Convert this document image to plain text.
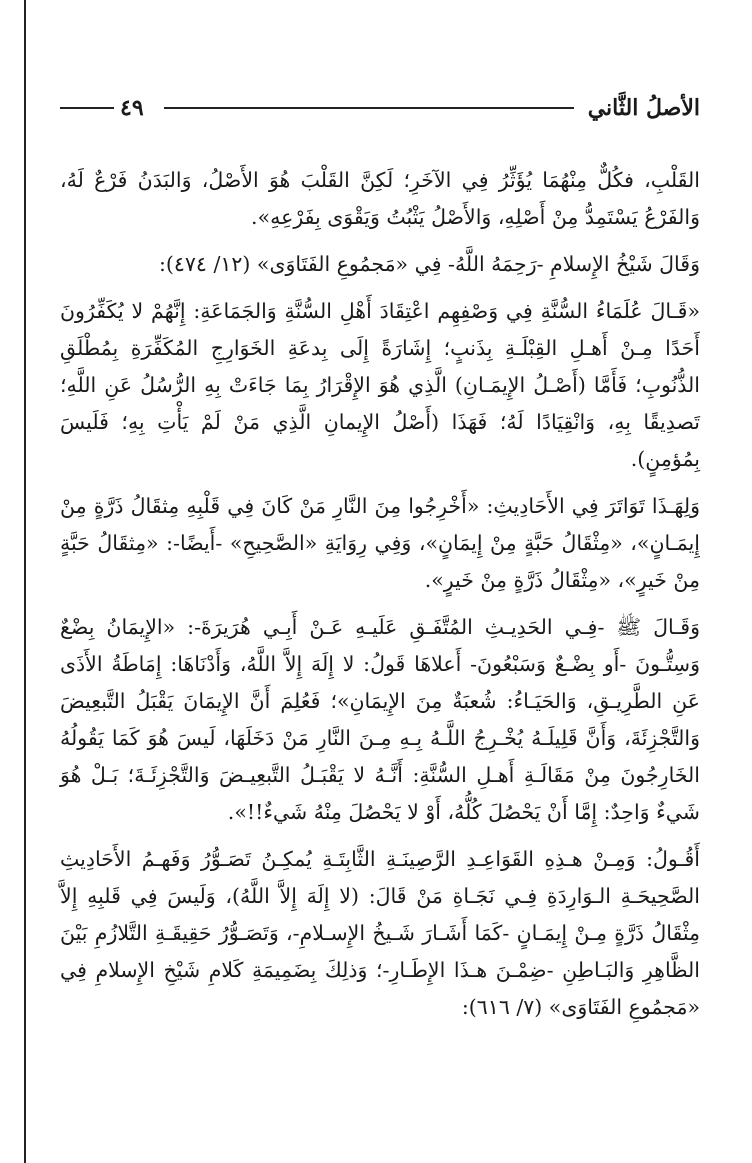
الأصلُ الثَّاني
٤٩

القَلْبِ، فكُلٌّ مِنْهُمَا يُؤَثِّرُ فِي الآخَرِ؛ لَكِنَّ القَلْبَ هُوَ الأَصْلُ، وَالبَدَنُ فَرْعٌ لَهُ، وَالفَرْعُ يَسْتَمِدُّ مِنْ أَصْلِهِ، وَالأَصْلُ يَثْبُتُ وَيَقْوَى بِفَرْعِهِ».

وَقَالَ شَيْخُ الإِسلامِ -رَحِمَهُ اللَّهُ- فِي «مَجمُوعِ الفَتَاوَى» (١٢/ ٤٧٤):

«قَـالَ عُلَمَاءُ السُّنَّةِ فِي وَصْفِهِم اعْتِقَادَ أَهْلِ السُّنَّةِ وَالجَمَاعَةِ: إِنَّهُمْ لا يُكَفِّرُونَ أَحَدًا مِـنْ أَهـلِ القِبْلَـةِ بِذَنبٍ؛ إِشَارَةً إِلَى بِدعَةِ الخَوَارِجِ المُكَفِّرَةِ بِمُطْلَقِ الذُّنُوبِ؛ فَأَمَّا (أَصْـلُ الإِيمَـانِ) الَّذِي هُوَ الإِقْرَارُ بِمَا جَاءَتْ بِهِ الرُّسُلُ عَنِ اللَّهِ؛ تَصدِيقًا بِهِ، وَانْقِيَادًا لَهُ؛ فَهَذَا (أَصْلُ الإِيمانِ الَّذِي مَنْ لَمْ يَأْتِ بِهِ؛ فَلَيسَ بِمُؤمِنٍ).

وَلِهَـذَا تَوَاتَرَ فِي الأَحَادِيثِ: «أَخْرِجُوا مِنَ النَّارِ مَنْ كَانَ فِي قَلْبِهِ مِثقَالُ ذَرَّةٍ مِنْ إِيمَـانٍ»، «مِثْقَالُ حَبَّةٍ مِنْ إِيمَانٍ»، وَفِي رِوَايَةِ «الصَّحِيحِ» -أَيضًا-: «مِثقَالُ حَبَّةٍ مِنْ خَيرٍ»، «مِثْقَالُ ذَرَّةٍ مِنْ خَيرٍ».

وَقَـالَ ﷺ -فِـي الحَدِيـثِ المُتَّفَـقِ عَلَيـهِ عَـنْ أَبِـي هُرَيرَةَ-: «الإِيمَانُ بِضْعٌ وَسِتُّـونَ -أَو بِضْـعٌ وَسَبْعُونَ- أَعلاهَا قَولُ: لا إِلَهَ إِلاَّ اللَّهُ، وَأَدْنَاهَا: إِمَاطَةُ الأَذَى عَنِ الطَّرِيـقِ، وَالحَيَـاءُ: شُعبَةٌ مِنَ الإِيمَانِ»؛ فَعُلِمَ أَنَّ الإِيمَانَ يَقْبَلُ التَّبعِيضَ وَالتَّجْزِئَةَ، وَأَنَّ قَلِيلَـهُ يُخْـرِجُ اللَّـهُ بِـهِ مِـنَ النَّارِ مَنْ دَخَلَهَا، لَيسَ هُوَ كَمَا يَقُولُهُ الخَارِجُونَ مِنْ مَقَالَـةِ أَهـلِ السُّنَّةِ: أَنَّـهُ لا يَقْبَـلُ التَّبعِيـضَ وَالتَّجْزِئَـةَ؛ بَـلْ هُوَ شَيءٌ وَاحِدٌ: إِمَّا أَنْ يَحْصُلَ كُلُّهُ، أَوْ لا يَحْصُلَ مِنْهُ شَيءٌ!!».

أَقُـولُ: وَمِـنْ هـذِهِ القَوَاعِـدِ الرَّصِينَـةِ الثَّابِتَـةِ يُمكِـنُ تَصَـوُّرُ وَفَهـمُ الأَحَادِيثِ الصَّحِيحَـةِ الـوَارِدَةِ فِـي نَجَـاةِ مَنْ قَالَ: (لا إِلَهَ إِلاَّ اللَّهُ)، وَلَيسَ فِي قَلبِهِ إِلاَّ مِثْقَالُ ذَرَّةٍ مِـنْ إِيمَـانٍ -كَمَا أَشَـارَ شَـيخُ الإِسـلامِ-، وَتَصَـوُّرُ حَقِيقَـةِ التَّلازُمِ بَيْنَ الظَّاهِرِ وَالبَـاطِنِ -ضِمْـنَ هـذَا الإِطَـارِ-؛ وَذلِكَ بِضَمِيمَةِ كَلامِ شَيْخِ الإِسلامِ فِي «مَجمُوعِ الفَتَاوَى» (٧/ ٦١٦):
